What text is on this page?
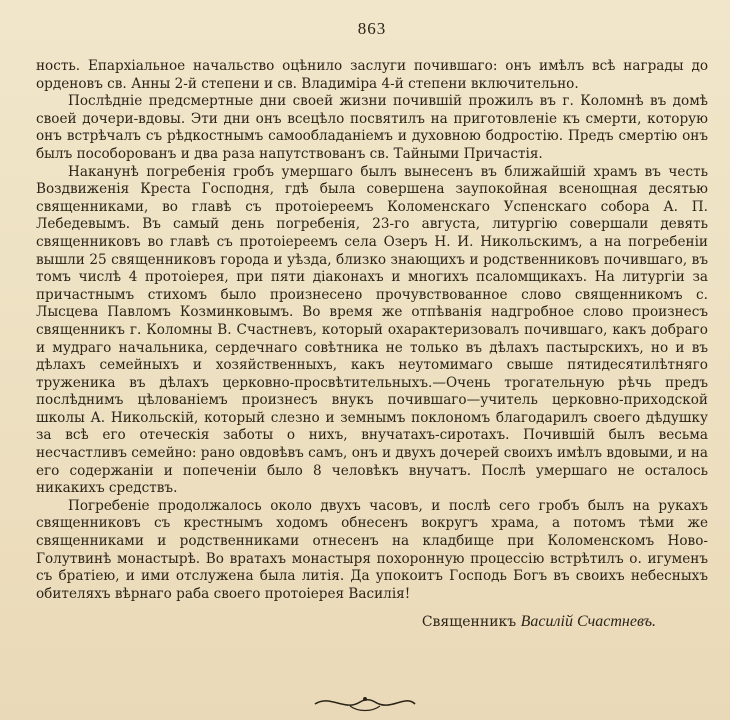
863

ность. Епархiальное начальство оцѣнило заслуги почившаго: онъ имѣлъ всѣ награды до орденовъ св. Анны 2-й степени и св. Владимiра 4-й степени включительно.

Послѣднiе предсмертные дни своей жизни почившiй прожилъ въ г. Коломнѣ въ домѣ своей дочери-вдовы. Эти дни онъ всецѣло посвятилъ на приготовленiе къ смерти, которую онъ встрѣчалъ съ рѣдкостнымъ самообладанiемъ и духовною бодростiю. Предъ смертiю онъ былъ пособорованъ и два раза напутствованъ св. Тайными Причастiя.

Наканунѣ погребенiя гробъ умершаго былъ вынесенъ въ ближайшiй храмъ въ честь Воздвиженiя Креста Господня, гдѣ была совершена заупокойная всенощная десятью священниками, во главѣ съ протоiереемъ Коломенскаго Успенскаго собора А. П. Лебедевымъ. Въ самый день погребенiя, 23-го августа, литургiю совершали девять священниковъ во главѣ съ протоiереемъ села Озеръ Н. И. Никольскимъ, а на погребенiи вышли 25 священниковъ города и уѣзда, близко знающихъ и родственниковъ почившаго, въ томъ числѣ 4 протоiерея, при пяти дiаконахъ и многихъ псаломщикахъ. На литургiи за причастнымъ стихомъ было произнесено прочувствованное слово священникомъ с. Лысцева Павломъ Козминковымъ. Во время же отпѣванiя надгробное слово произнесъ священникъ г. Коломны В. Счастневъ, который охарактеризовалъ почившаго, какъ добраго и мудраго начальника, сердечнаго совѣтника не только въ дѣлахъ пастырскихъ, но и въ дѣлахъ семейныхъ и хозяйственныхъ, какъ неутомимаго свыше пятидесятилѣтняго труженика въ дѣлахъ церковно-просвѣтительныхъ.—Очень трогательную рѣчь предъ послѣднимъ цѣлованiемъ произнесъ внукъ почившаго—учитель церковно-приходской школы А. Никольскiй, который слезно и земнымъ поклономъ благодарилъ своего дѣдушку за всѣ его отеческiя заботы о нихъ, внучатахъ-сиротахъ. Почившiй былъ весьма несчастливъ семейно: рано овдовѣвъ самъ, онъ и двухъ дочерей своихъ имѣлъ вдовыми, и на его содержанiи и попеченiи было 8 человѣкъ внучатъ. Послѣ умершаго не осталось никакихъ средствъ.

Погребенiе продолжалось около двухъ часовъ, и послѣ сего гробъ былъ на рукахъ священниковъ съ крестнымъ ходомъ обнесенъ вокругъ храма, а потомъ тѣми же священниками и родственниками отнесенъ на кладбище при Коломенскомъ Ново-Голутвинѣ монастырѣ. Во вратахъ монастыря похоронную процессiю встрѣтилъ о. игуменъ съ братiею, и ими отслужена была литiя. Да упокоитъ Господь Богъ въ своихъ небесныхъ обителяхъ вѣрнаго раба своего протоiерея Василiя!

Священникъ Василiй Счастневъ.
